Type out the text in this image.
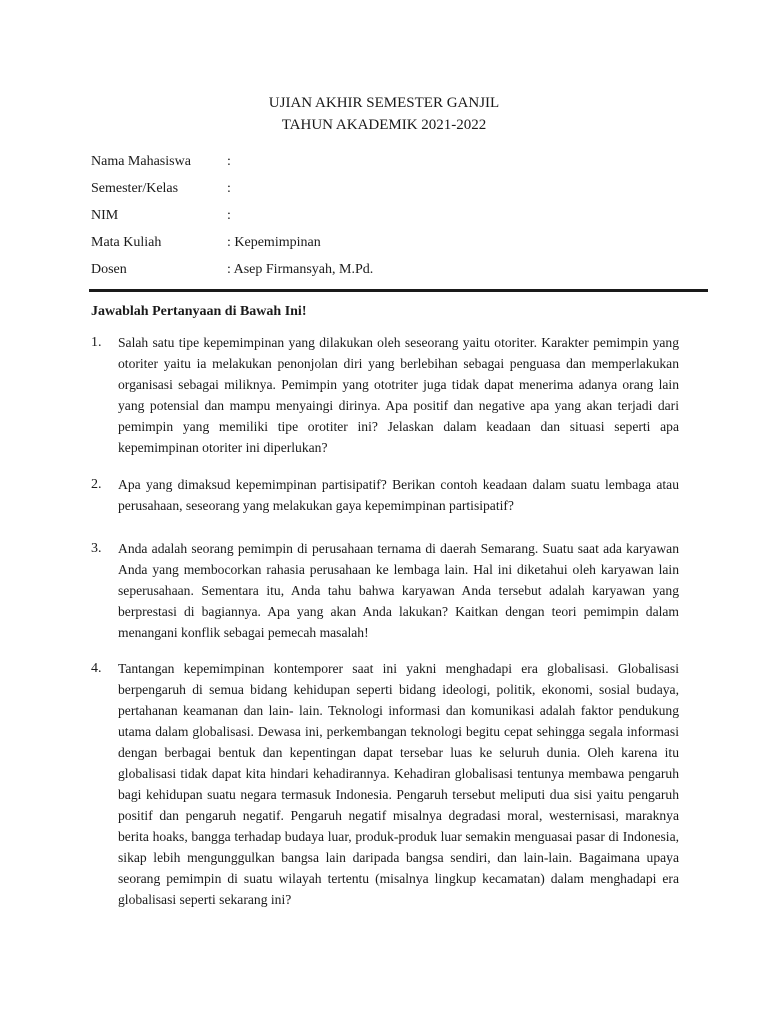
UJIAN AKHIR SEMESTER GANJIL
TAHUN AKADEMIK 2021-2022
Nama Mahasiswa	:
Semester/Kelas	:
NIM	:
Mata Kuliah	: Kepemimpinan
Dosen	: Asep Firmansyah, M.Pd.
Jawablah Pertanyaan di Bawah Ini!
1.	Salah satu tipe kepemimpinan yang dilakukan oleh seseorang yaitu otoriter. Karakter pemimpin yang otoriter yaitu ia melakukan penonjolan diri yang berlebihan sebagai penguasa dan memperlakukan organisasi sebagai miliknya. Pemimpin yang ototriter juga tidak dapat menerima adanya orang lain yang potensial dan mampu menyaingi dirinya. Apa positif dan negative apa yang akan terjadi dari pemimpin yang memiliki tipe orotiter ini? Jelaskan dalam keadaan dan situasi seperti apa kepemimpinan otoriter ini diperlukan?
2.	Apa yang dimaksud kepemimpinan partisipatif? Berikan contoh keadaan dalam suatu lembaga atau perusahaan, seseorang yang melakukan gaya kepemimpinan partisipatif?
3.	Anda adalah seorang pemimpin di perusahaan ternama di daerah Semarang. Suatu saat ada karyawan Anda yang membocorkan rahasia perusahaan ke lembaga lain. Hal ini diketahui oleh karyawan lain seperusahaan. Sementara itu, Anda tahu bahwa karyawan Anda tersebut adalah karyawan yang berprestasi di bagiannya. Apa yang akan Anda lakukan? Kaitkan dengan teori pemimpin dalam menangani konflik sebagai pemecah masalah!
4.	Tantangan kepemimpinan kontemporer saat ini yakni menghadapi era globalisasi. Globalisasi berpengaruh di semua bidang kehidupan seperti bidang ideologi, politik, ekonomi, sosial budaya, pertahanan keamanan dan lain- lain. Teknologi informasi dan komunikasi adalah faktor pendukung utama dalam globalisasi. Dewasa ini, perkembangan teknologi begitu cepat sehingga segala informasi dengan berbagai bentuk dan kepentingan dapat tersebar luas ke seluruh dunia. Oleh karena itu globalisasi tidak dapat kita hindari kehadirannya. Kehadiran globalisasi tentunya membawa pengaruh bagi kehidupan suatu negara termasuk Indonesia. Pengaruh tersebut meliputi dua sisi yaitu pengaruh positif dan pengaruh negatif. Pengaruh negatif misalnya degradasi moral, westernisasi, maraknya berita hoaks, bangga terhadap budaya luar, produk-produk luar semakin menguasai pasar di Indonesia, sikap lebih mengunggulkan bangsa lain daripada bangsa sendiri, dan lain-lain. Bagaimana upaya seorang pemimpin di suatu wilayah tertentu (misalnya lingkup kecamatan) dalam menghadapi era globalisasi seperti sekarang ini?
